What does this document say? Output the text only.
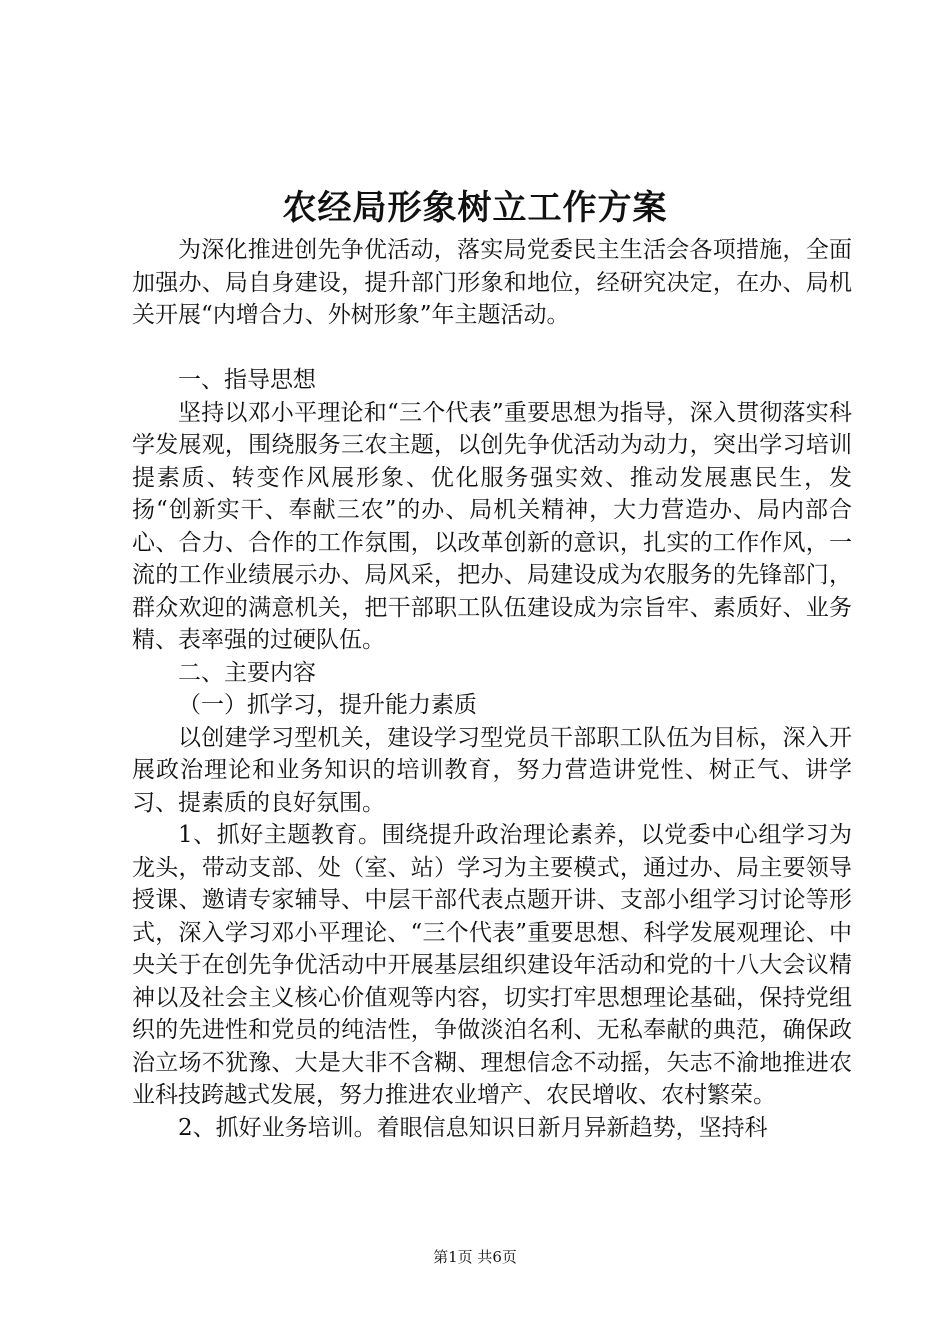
农经局形象树立工作方案

为深化推进创先争优活动，落实局党委民主生活会各项措施，全面加强办、局自身建设，提升部门形象和地位，经研究决定，在办、局机关开展“内增合力、外树形象”年主题活动。

一、指导思想

坚持以邓小平理论和“三个代表”重要思想为指导，深入贯彻落实科学发展观，围绕服务三农主题，以创先争优活动为动力，突出学习培训提素质、转变作风展形象、优化服务强实效、推动发展惠民生，发扬“创新实干、奉献三农”的办、局机关精神，大力营造办、局内部合心、合力、合作的工作氛围，以改革创新的意识，扎实的工作作风，一流的工作业绩展示办、局风采，把办、局建设成为农服务的先锋部门，群众欢迎的满意机关，把干部职工队伍建设成为宗旨牢、素质好、业务精、表率强的过硬队伍。

二、主要内容

（一）抓学习，提升能力素质

以创建学习型机关，建设学习型党员干部职工队伍为目标，深入开展政治理论和业务知识的培训教育，努力营造讲党性、树正气、讲学习、提素质的良好氛围。

1、抓好主题教育。围绕提升政治理论素养，以党委中心组学习为龙头，带动支部、处（室、站）学习为主要模式，通过办、局主要领导授课、邀请专家辅导、中层干部代表点题开讲、支部小组学习讨论等形式，深入学习邓小平理论、“三个代表”重要思想、科学发展观理论、中央关于在创先争优活动中开展基层组织建设年活动和党的十八大会议精神以及社会主义核心价值观等内容，切实打牢思想理论基础，保持党组织的先进性和党员的纯洁性，争做淡泊名利、无私奉献的典范，确保政治立场不犹豫、大是大非不含糊、理想信念不动摇，矢志不渝地推进农业科技跨越式发展，努力推进农业增产、农民增收、农村繁荣。

2、抓好业务培训。着眼信息知识日新月异新趋势，坚持科

第1页 共6页
